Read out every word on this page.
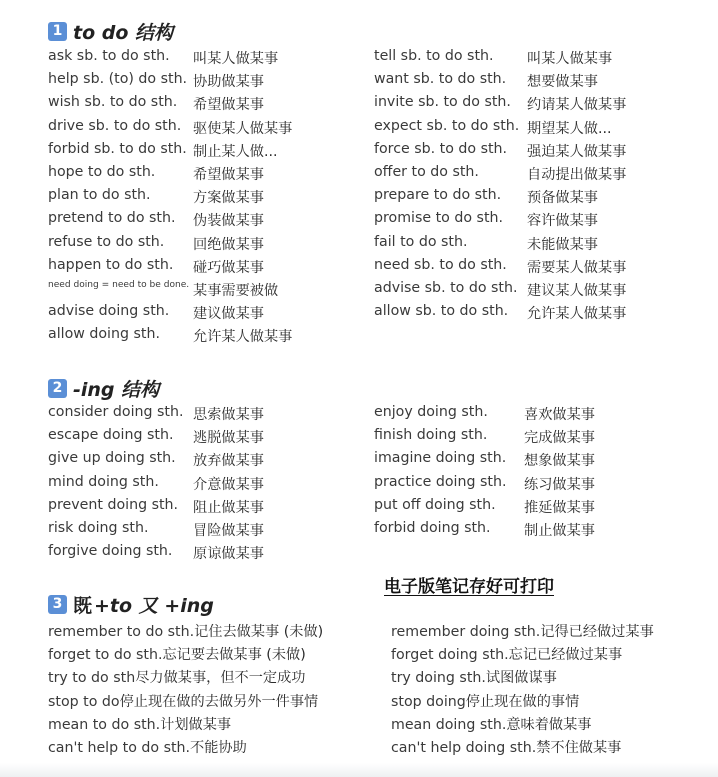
1 to do 结构
ask sb. to do sth. 叫某人做某事	tell sb. to do sth. 叫某人做某事
help sb. (to) do sth. 协助做某事	want sb. to do sth. 想要做某事
wish sb. to do sth. 希望做某事	invite sb. to do sth. 约请某人做某事
drive sb. to do sth. 驱使某人做某事	expect sb. to do sth. 期望某人做...
forbid sb. to do sth. 制止某人做...	force sb. to do sth. 强迫某人做某事
hope to do sth.	希望做某事	offer to do sth.	自动提出做某事
plan to do sth.	方案做某事	prepare to do sth. 预备做某事
pretend to do sth. 伪装做某事	promise to do sth. 容许做某事
refuse to do sth. 回绝做某事	fail to do sth.	未能做某事
happen to do sth. 碰巧做某事	need sb. to do sth. 需要某人做某事
need doing = need to be done. 某事需要被做	advise sb. to do sth. 建议某人做某事
advise doing sth. 建议做某事	allow sb. to do sth. 允许某人做某事
allow doing sth. 允许某人做某事
2 -ing 结构
consider doing sth. 思索做某事	enjoy doing sth.	喜欢做某事
escape doing sth. 逃脱做某事	finish doing sth.	完成做某事
give up doing sth. 放弃做某事	imagine doing sth. 想象做某事
mind doing sth. 介意做某事	practice doing sth. 练习做某事
prevent doing sth. 阻止做某事	put off doing sth. 推延做某事
risk doing sth.	冒险做某事	forbid doing sth. 制止做某事
forgive doing sth. 原谅做某事
电子版笔记存好可打印
3 既 +to 又 +ing
remember to do sth.记住去做某事 (未做)	remember doing sth.记得已经做过某事
forget to do sth.忘记要去做某事 (未做)	forget doing sth.忘记已经做过某事
try to do sth尽力做某事，但不一定成功	try doing sth.试图做谋事
stop to do停止现在做的去做另外一件事情	stop doing停止现在做的事情
mean to do sth.计划做某事	mean doing sth.意味着做某事
can't help to do sth.不能协助	can't help doing sth.禁不住做某事
